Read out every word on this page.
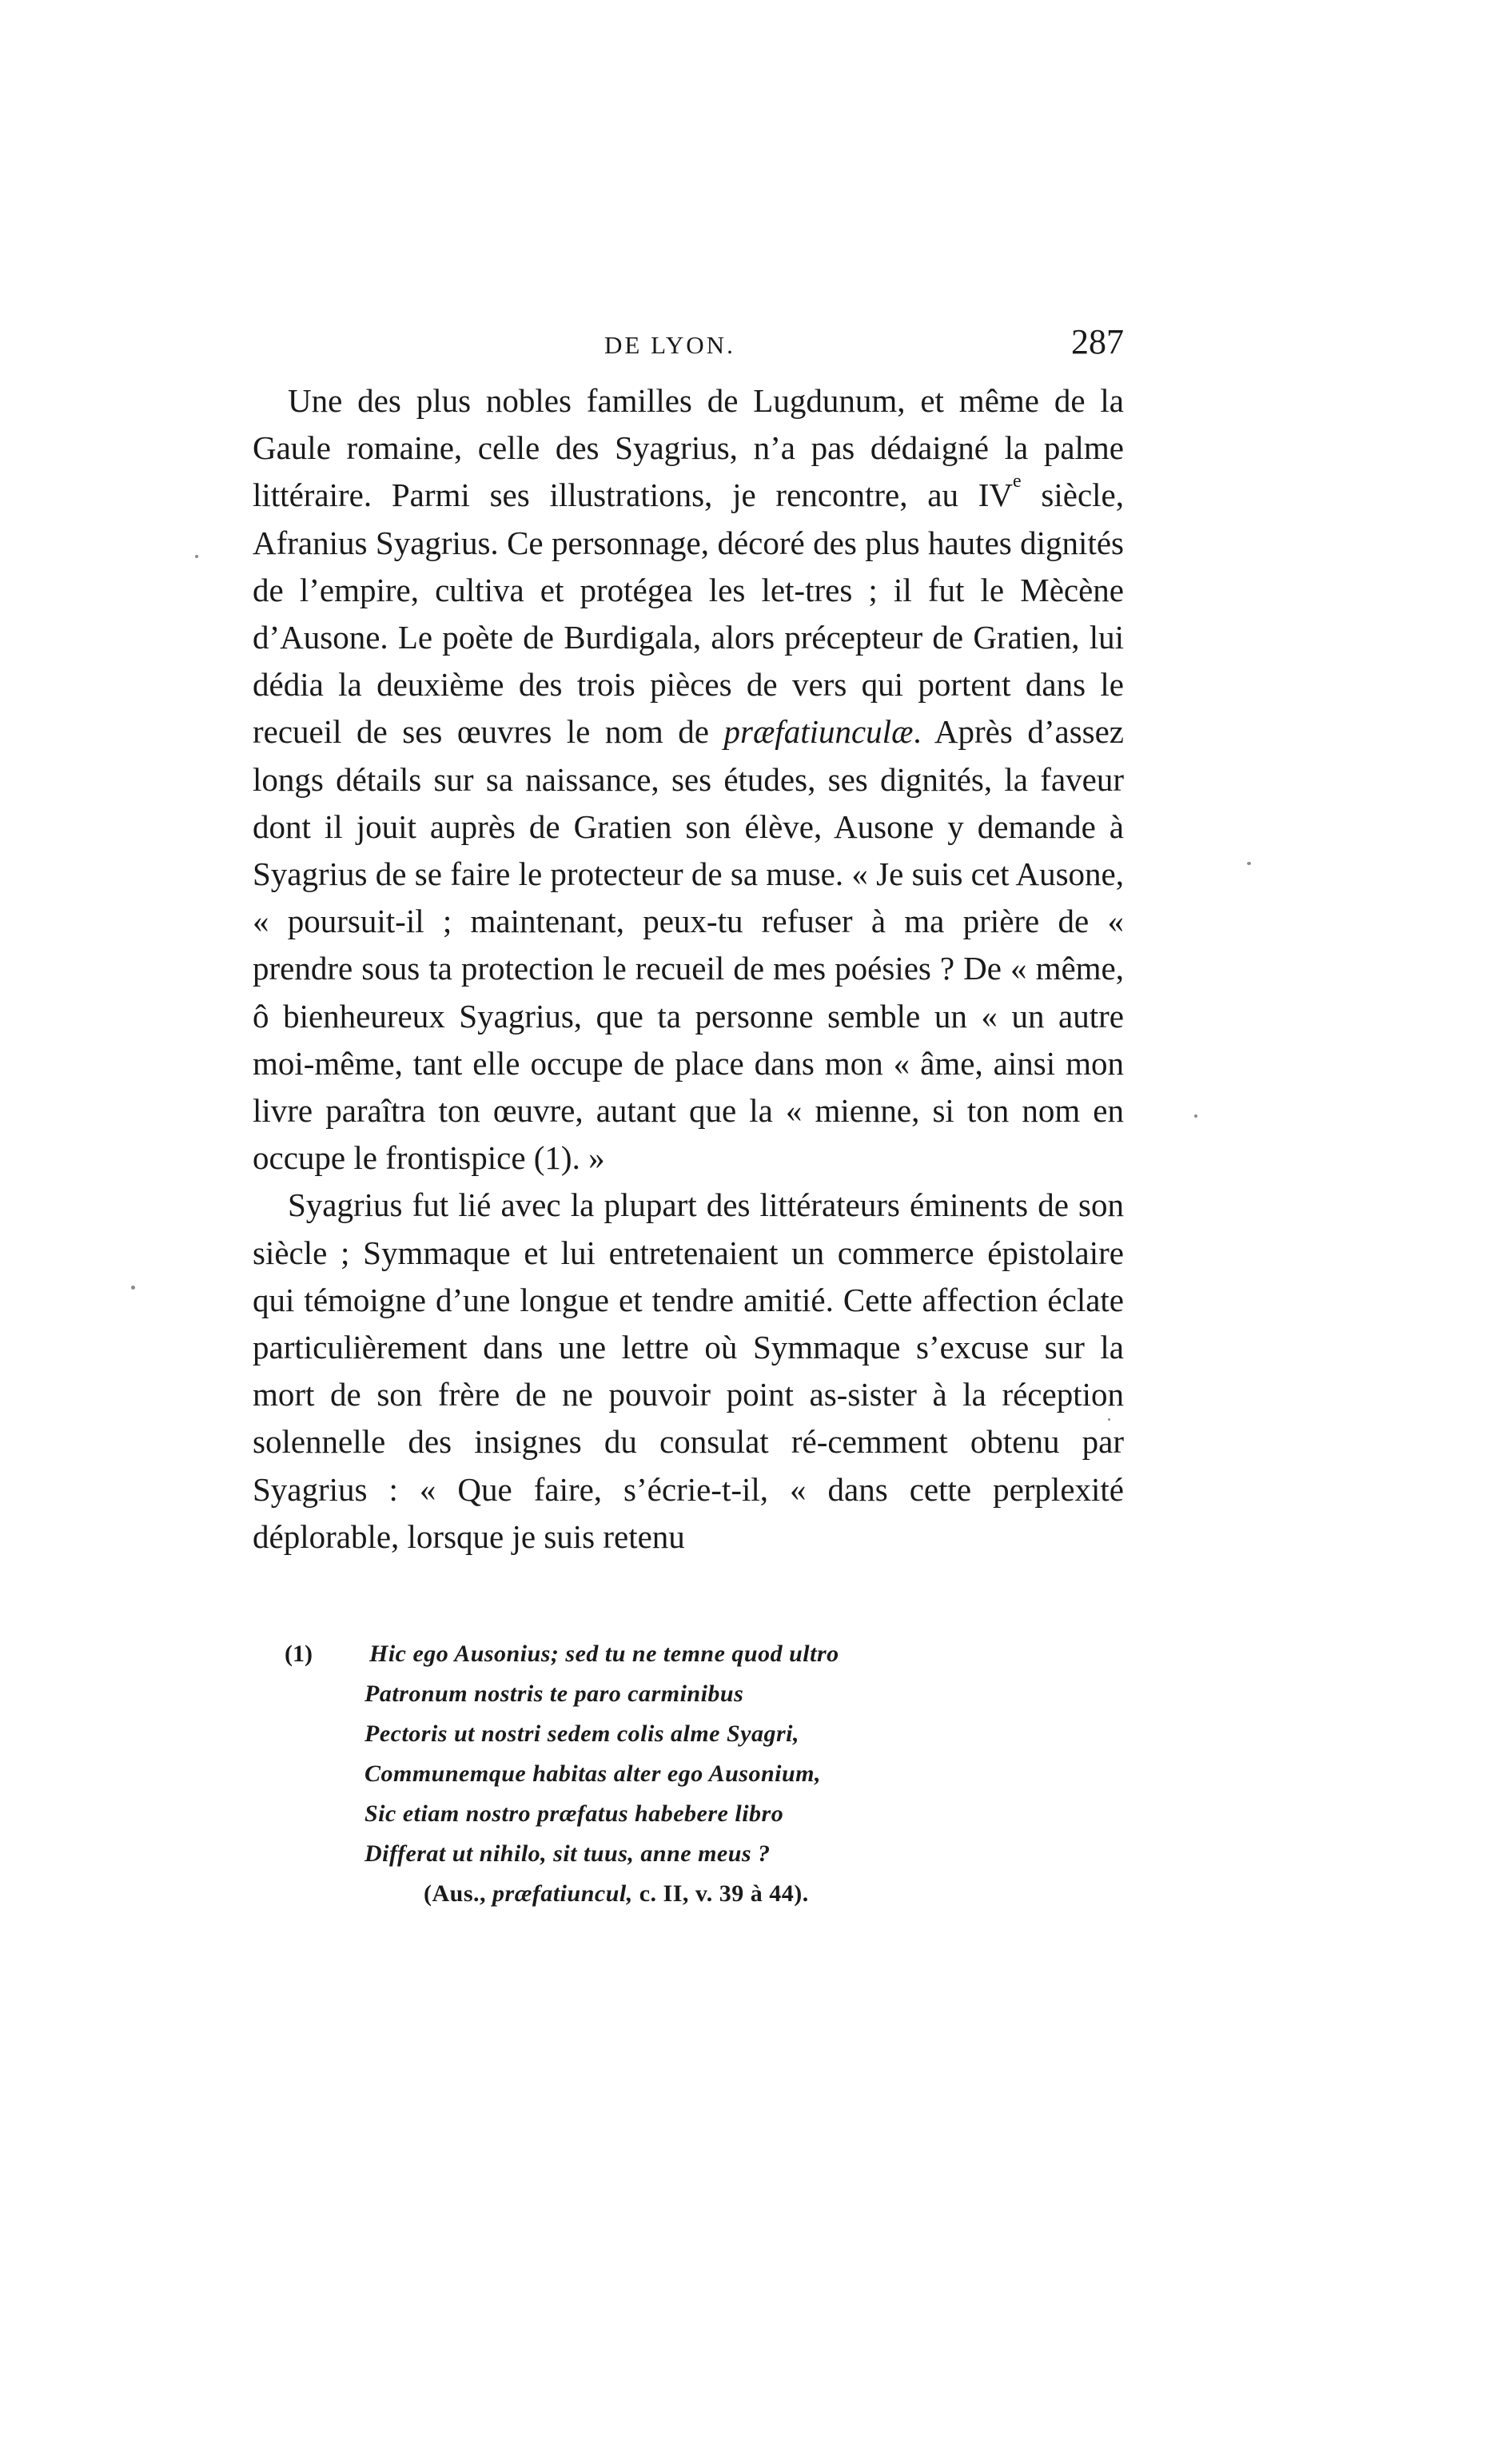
DE LYON.	287

Une des plus nobles familles de Lugdunum, et même de la Gaule romaine, celle des Syagrius, n’a pas dédaigné la palme littéraire. Parmi ses illustrations, je rencontre, au IVe siècle, Afranius Syagrius. Ce personnage, décoré des plus hautes dignités de l’empire, cultiva et protégea les let-tres ; il fut le Mècène d’Ausone. Le poète de Burdigala, alors précepteur de Gratien, lui dédia la deuxième des trois pièces de vers qui portent dans le recueil de ses œuvres le nom de præfatiunculæ. Après d’assez longs détails sur sa naissance, ses études, ses dignités, la faveur dont il jouit auprès de Gratien son élève, Ausone y demande à Syagrius de se faire le protecteur de sa muse. « Je suis cet Ausone, « poursuit-il ; maintenant, peux-tu refuser à ma prière de « prendre sous ta protection le recueil de mes poésies ? De « même, ô bienheureux Syagrius, que ta personne semble un « un autre moi-même, tant elle occupe de place dans mon « âme, ainsi mon livre paraîtra ton œuvre, autant que la « mienne, si ton nom en occupe le frontispice (1). »

Syagrius fut lié avec la plupart des littérateurs éminents de son siècle ; Symmaque et lui entretenaient un commerce épistolaire qui témoigne d’une longue et tendre amitié. Cette affection éclate particulièrement dans une lettre où Symmaque s’excuse sur la mort de son frère de ne pouvoir point as-sister à la réception solennelle des insignes du consulat ré-cemment obtenu par Syagrius : « Que faire, s’écrie-t-il, « dans cette perplexité déplorable, lorsque je suis retenu

(1) Hic ego Ausonius; sed tu ne temne quod ultro
Patronum nostris te paro carminibus
Pectoris ut nostri sedem colis alme Syagri,
Communemque habitas alter ego Ausonium,
Sic etiam nostro præfatus habebere libro
Differat ut nihilo, sit tuus, anne meus ?
(Aus., præfatiuncul, c. II, v. 39 à 44).
